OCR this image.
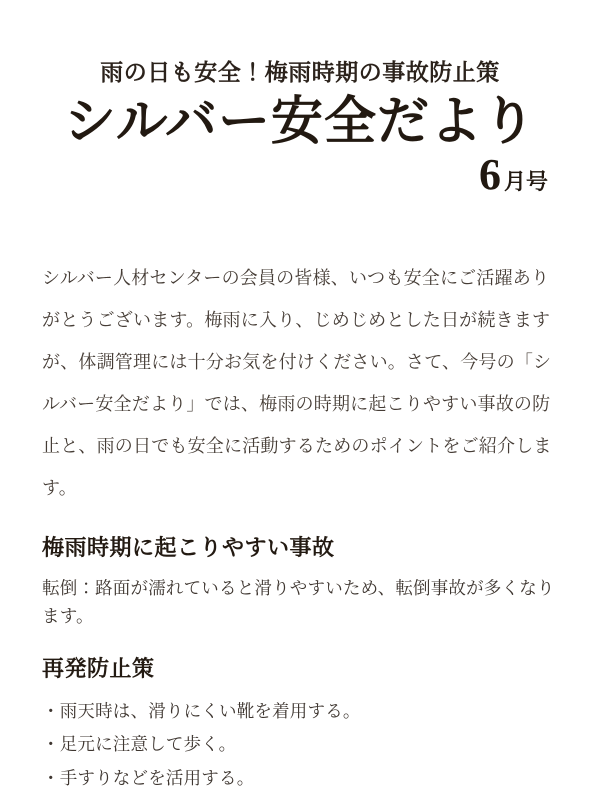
雨の日も安全！梅雨時期の事故防止策

シルバー安全だより
6 月号

シルバー人材センターの会員の皆様、いつも安全にご活躍ありがとうございます。梅雨に入り、じめじめとした日が続きますが、体調管理には十分お気を付けください。さて、今号の「シルバー安全だより」では、梅雨の時期に起こりやすい事故の防止と、雨の日でも安全に活動するためのポイントをご紹介します。

梅雨時期に起こりやすい事故

転倒：路面が濡れていると滑りやすいため、転倒事故が多くなります。

再発防止策
・雨天時は、滑りにくい靴を着用する。
・足元に注意して歩く。
・手すりなどを活用する。
